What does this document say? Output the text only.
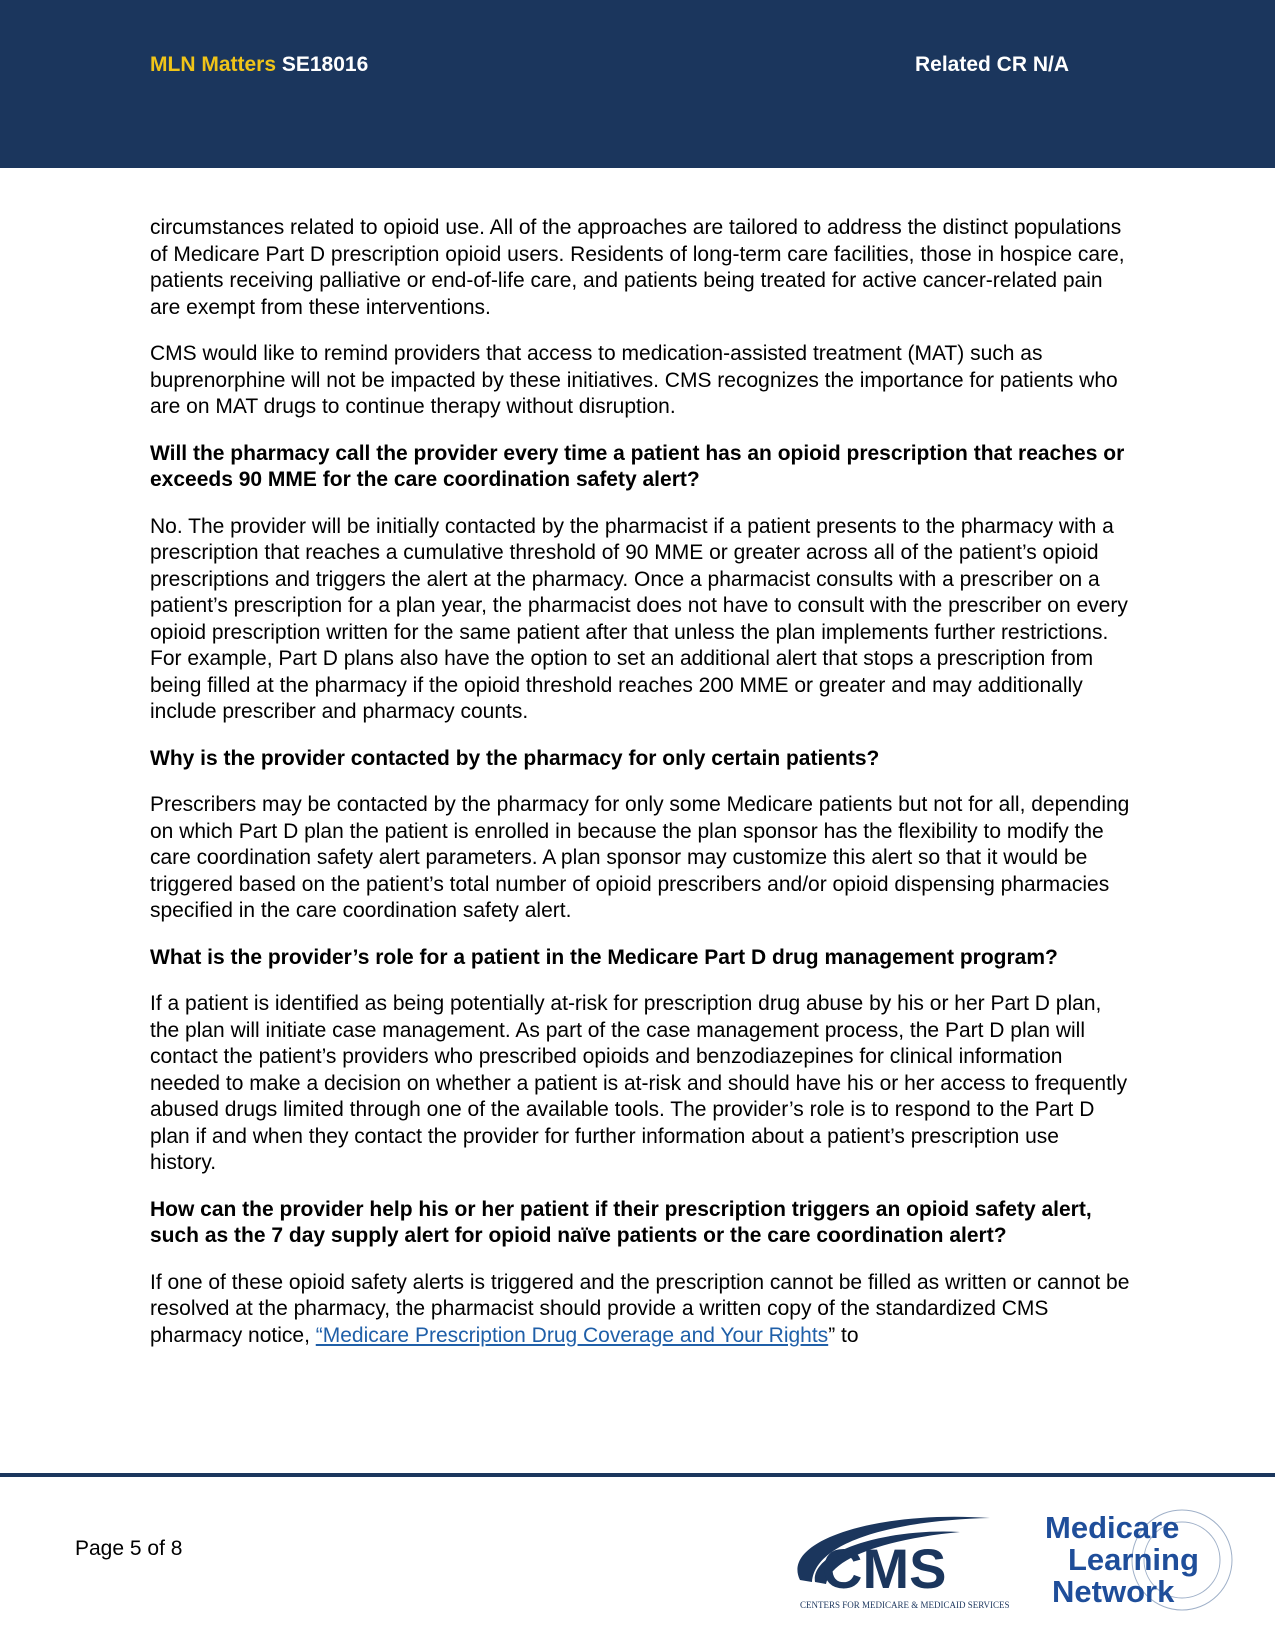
MLN Matters SE18016	Related CR N/A

circumstances related to opioid use. All of the approaches are tailored to address the distinct populations of Medicare Part D prescription opioid users. Residents of long-term care facilities, those in hospice care, patients receiving palliative or end-of-life care, and patients being treated for active cancer-related pain are exempt from these interventions.

CMS would like to remind providers that access to medication-assisted treatment (MAT) such as buprenorphine will not be impacted by these initiatives. CMS recognizes the importance for patients who are on MAT drugs to continue therapy without disruption.

Will the pharmacy call the provider every time a patient has an opioid prescription that reaches or exceeds 90 MME for the care coordination safety alert?

No. The provider will be initially contacted by the pharmacist if a patient presents to the pharmacy with a prescription that reaches a cumulative threshold of 90 MME or greater across all of the patient’s opioid prescriptions and triggers the alert at the pharmacy. Once a pharmacist consults with a prescriber on a patient’s prescription for a plan year, the pharmacist does not have to consult with the prescriber on every opioid prescription written for the same patient after that unless the plan implements further restrictions. For example, Part D plans also have the option to set an additional alert that stops a prescription from being filled at the pharmacy if the opioid threshold reaches 200 MME or greater and may additionally include prescriber and pharmacy counts.

Why is the provider contacted by the pharmacy for only certain patients?

Prescribers may be contacted by the pharmacy for only some Medicare patients but not for all, depending on which Part D plan the patient is enrolled in because the plan sponsor has the flexibility to modify the care coordination safety alert parameters. A plan sponsor may customize this alert so that it would be triggered based on the patient’s total number of opioid prescribers and/or opioid dispensing pharmacies specified in the care coordination safety alert.

What is the provider’s role for a patient in the Medicare Part D drug management program?

If a patient is identified as being potentially at-risk for prescription drug abuse by his or her Part D plan, the plan will initiate case management. As part of the case management process, the Part D plan will contact the patient’s providers who prescribed opioids and benzodiazepines for clinical information needed to make a decision on whether a patient is at-risk and should have his or her access to frequently abused drugs limited through one of the available tools. The provider’s role is to respond to the Part D plan if and when they contact the provider for further information about a patient’s prescription use history.

How can the provider help his or her patient if their prescription triggers an opioid safety alert, such as the 7 day supply alert for opioid naïve patients or the care coordination alert?

If one of these opioid safety alerts is triggered and the prescription cannot be filled as written or cannot be resolved at the pharmacy, the pharmacist should provide a written copy of the standardized CMS pharmacy notice, “Medicare Prescription Drug Coverage and Your Rights” to

Page 5 of 8	CMS
CENTERS FOR MEDICARE & MEDICAID SERVICES
Medicare
Learning
Network
